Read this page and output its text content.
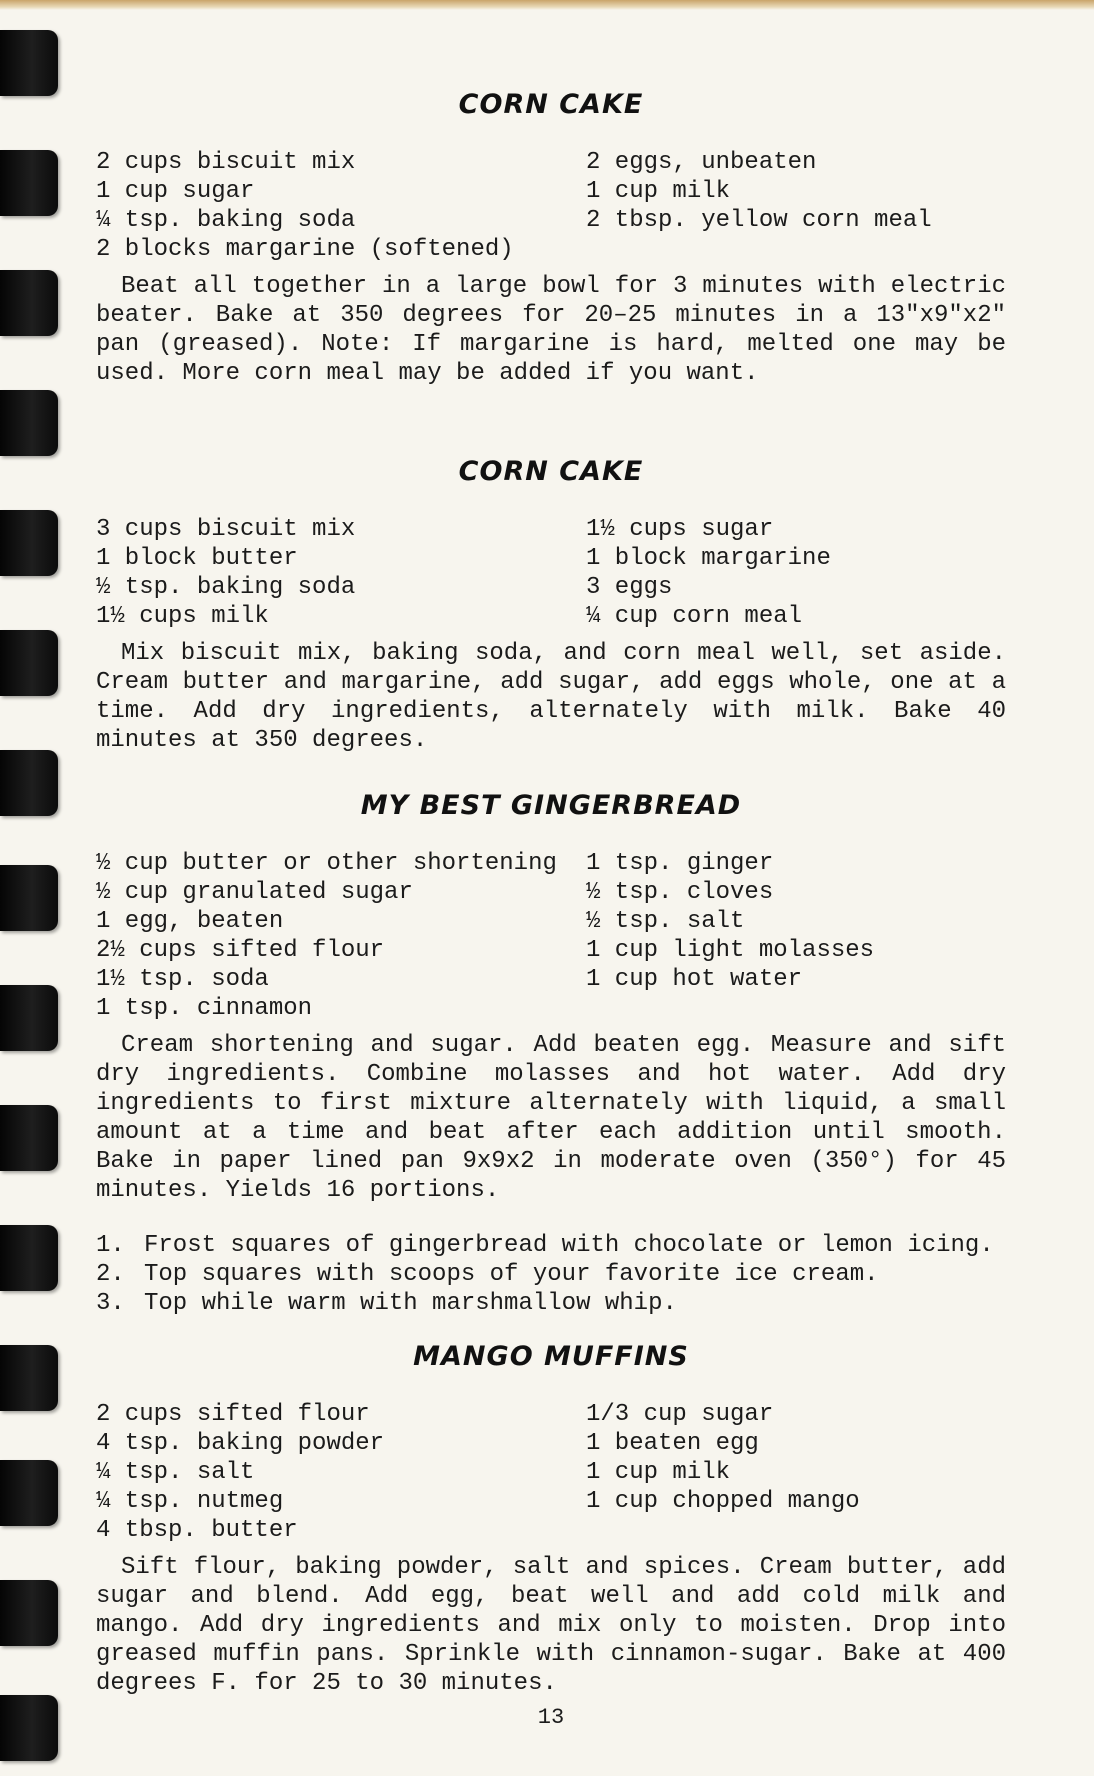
CORN CAKE
2 cups biscuit mix
1 cup sugar
¼ tsp. baking soda
2 blocks margarine (softened)
2 eggs, unbeaten
1 cup milk
2 tbsp. yellow corn meal

Beat all together in a large bowl for 3 minutes with electric beater. Bake at 350 degrees for 20–25 minutes in a 13"x9"x2" pan (greased). Note: If margarine is hard, melted one may be used. More corn meal may be added if you want.

CORN CAKE
3 cups biscuit mix
1 block butter
½ tsp. baking soda
1½ cups milk
1½ cups sugar
1 block margarine
3 eggs
¼ cup corn meal

Mix biscuit mix, baking soda, and corn meal well, set aside. Cream butter and margarine, add sugar, add eggs whole, one at a time. Add dry ingredients, alternately with milk. Bake 40 minutes at 350 degrees.

MY BEST GINGERBREAD
½ cup butter or other shortening
½ cup granulated sugar
1 egg, beaten
2½ cups sifted flour
1½ tsp. soda
1 tsp. cinnamon
1 tsp. ginger
½ tsp. cloves
½ tsp. salt
1 cup light molasses
1 cup hot water

Cream shortening and sugar. Add beaten egg. Measure and sift dry ingredients. Combine molasses and hot water. Add dry ingredients to first mixture alternately with liquid, a small amount at a time and beat after each addition until smooth. Bake in paper lined pan 9x9x2 in moderate oven (350°) for 45 minutes. Yields 16 portions.

1. Frost squares of gingerbread with chocolate or lemon icing.
2. Top squares with scoops of your favorite ice cream.
3. Top while warm with marshmallow whip.
MANGO MUFFINS
2 cups sifted flour
4 tsp. baking powder
¼ tsp. salt
¼ tsp. nutmeg
4 tbsp. butter
1/3 cup sugar
1 beaten egg
1 cup milk
1 cup chopped mango

Sift flour, baking powder, salt and spices. Cream butter, add sugar and blend. Add egg, beat well and add cold milk and mango. Add dry ingredients and mix only to moisten. Drop into greased muffin pans. Sprinkle with cinnamon-sugar. Bake at 400 degrees F. for 25 to 30 minutes.

13
